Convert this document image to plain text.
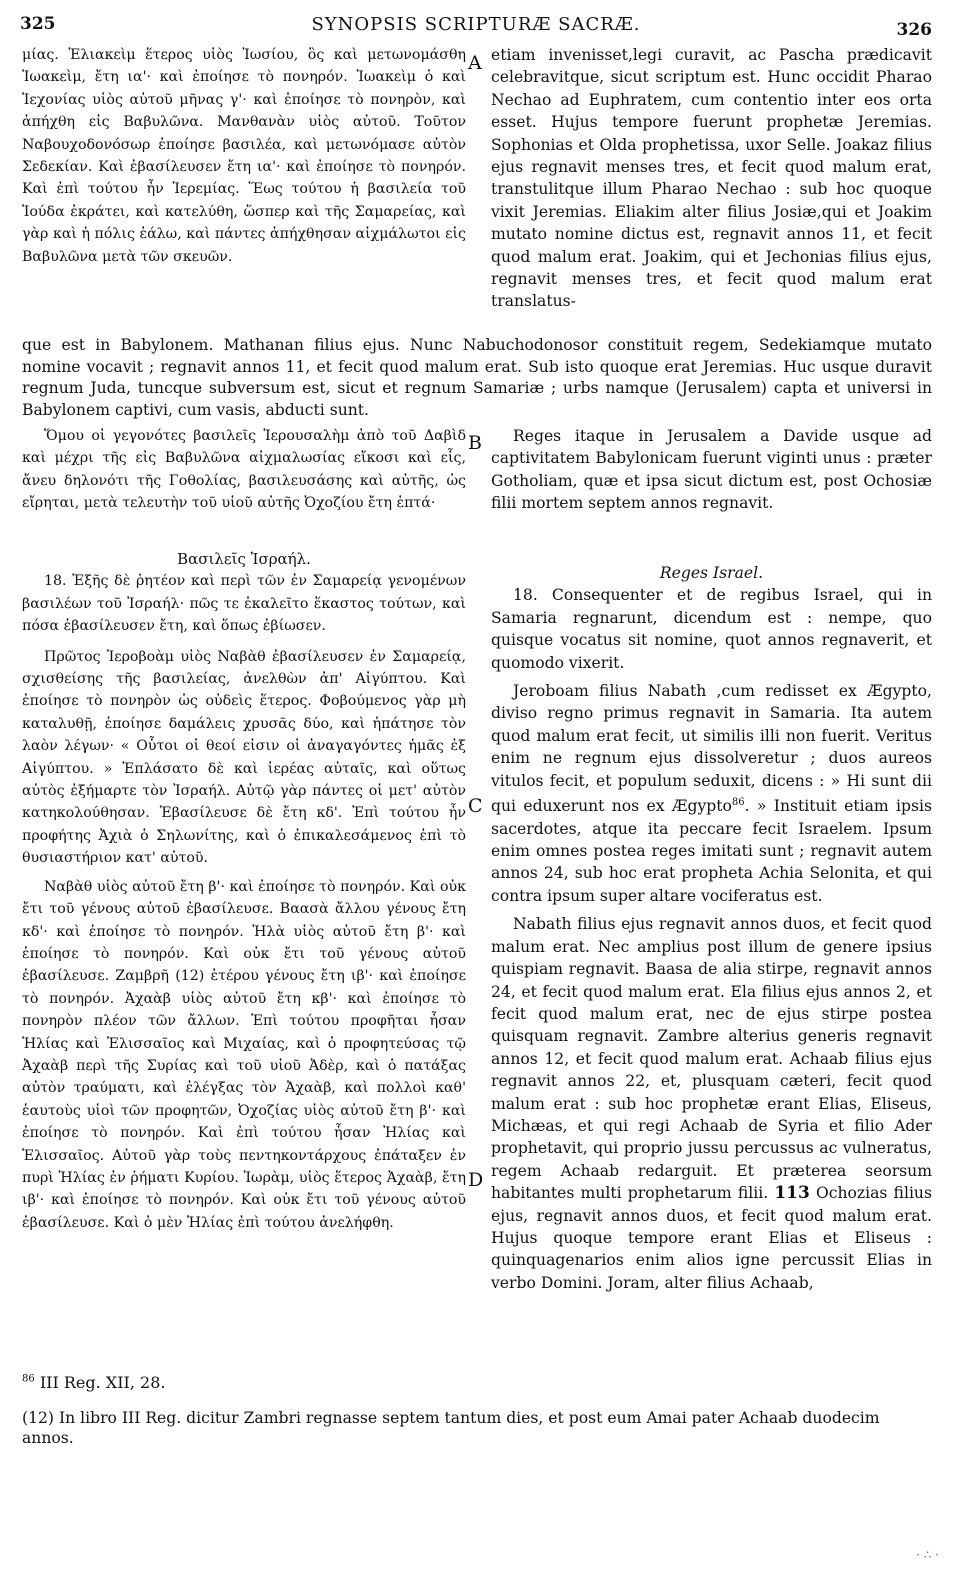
325	SYNOPSIS SCRIPTURÆ SACRÆ.	326

μίας. Ἐλιακεὶμ ἕτερος υἱὸς Ἰωσίου, ὃς καὶ μετωνομάσθη Ἰωακεὶμ, ἔτη ια'· καὶ ἐποίησε τὸ πονηρόν. Ἰωακεὶμ ὁ καὶ Ἰεχονίας υἱὸς αὐτοῦ μῆνας γ'· καὶ ἐποίησε τὸ πονηρὸν, καὶ ἀπήχθη εἰς Βαβυλῶνα. Μανθανὰν υἱὸς αὐτοῦ. Τοῦτον Ναβουχοδονόσωρ ἐποίησε βασιλέα, καὶ μετωνόμασε αὐτὸν Σεδεκίαν. Καὶ ἐβασίλευσεν ἔτη ια'· καὶ ἐποίησε τὸ πονηρόν. Καὶ ἐπὶ τούτου ἦν Ἱερεμίας. Ἕως τούτου ἡ βασιλεία τοῦ Ἰούδα ἐκράτει, καὶ κατελύθη, ὥσπερ καὶ τῆς Σαμαρείας, καὶ γὰρ καὶ ἡ πόλις ἑάλω, καὶ πάντες ἀπήχθησαν αἰχμάλωτοι εἰς Βαβυλῶνα μετὰ τῶν σκευῶν.

A etiam invenisset,legi curavit, ac Pascha prædicavit celebravitque, sicut scriptum est. Hunc occidit Pharao Nechao ad Euphratem, cum contentio inter eos orta esset. Hujus tempore fuerunt prophetæ Jeremias. Sophonias et Olda prophetissa, uxor Selle. Joakaz filius ejus regnavit menses tres, et fecit quod malum erat, transtulitque illum Pharao Nechao : sub hoc quoque vixit Jeremias. Eliakim alter filius Josiæ,qui et Joakim mutato nomine dictus est, regnavit annos 11, et fecit quod malum erat. Joakim, qui et Jechonias filius ejus, regnavit menses tres, et fecit quod malum erat translatus-

que est in Babylonem. Mathanan filius ejus. Nunc Nabuchodonosor constituit regem, Sedekiamque mutato nomine vocavit ; regnavit annos 11, et fecit quod malum erat. Sub isto quoque erat Jeremias. Huc usque duravit regnum Juda, tuncque subversum est, sicut et regnum Samariæ ; urbs namque (Jerusalem) capta et universi in Babylonem captivi, cum vasis, abducti sunt.

Ὅμου οἱ γεγονότες βασιλεῖς Ἱερουσαλὴμ ἀπὸ τοῦ Δαβὶδ καὶ μέχρι τῆς εἰς Βαβυλῶνα αἰχμαλωσίας εἴκοσι καὶ εἷς, ἄνευ δηλονότι τῆς Γοθολίας, βασιλευσάσης καὶ αὐτῆς, ὡς εἴρηται, μετὰ τελευτὴν τοῦ υἱοῦ αὐτῆς Ὀχοζίου ἔτη ἑπτά·

B	Reges itaque in Jerusalem a Davide usque ad captivitatem Babylonicam fuerunt viginti unus : præter Gotholiam, quæ et ipsa sicut dictum est, post Ochosiæ filii mortem septem annos regnavit.

Βασιλεῖς Ἰσραήλ.

18. Ἑξῆς δὲ ῥητέον καὶ περὶ τῶν ἐν Σαμαρείᾳ γενομένων βασιλέων τοῦ Ἰσραήλ· πῶς τε ἐκαλεῖτο ἕκαστος τούτων, καὶ πόσα ἐβασίλευσεν ἔτη, καὶ ὅπως ἐβίωσεν.

Πρῶτος Ἱεροβοὰμ υἱὸς Ναβὰθ ἐβασίλευσεν ἐν Σαμαρείᾳ, σχισθείσης τῆς βασιλείας, ἀνελθὼν ἀπ' Αἰγύπτου. Καὶ ἐποίησε τὸ πονηρὸν ὡς οὐδεὶς ἕτερος. Φοβούμενος γὰρ μὴ καταλυθῇ, ἐποίησε δαμάλεις χρυσᾶς δύο, καὶ ἠπάτησε τὸν λαὸν λέγων· « Οὗτοι οἱ θεοί εἰσιν οἱ ἀναγαγόντες ἡμᾶς ἐξ Αἰγύπτου. » Ἐπλάσατο δὲ καὶ ἱερέας αὐταῖς, καὶ οὕτως αὐτὸς ἐξήμαρτε τὸν Ἰσραήλ. Αὐτῷ γὰρ πάντες οἱ μετ' αὐτὸν κατηκολούθησαν. Ἐβασίλευσε δὲ ἔτη κδ'. Ἐπὶ τούτου ἦν προφήτης Ἀχιὰ ὁ Σηλωνίτης, καὶ ὁ ἐπικαλεσάμενος ἐπὶ τὸ θυσιαστήριον κατ' αὐτοῦ.

Ναβὰθ υἱὸς αὐτοῦ ἔτη β'· καὶ ἐποίησε τὸ πονηρόν. Καὶ οὐκ ἔτι τοῦ γένους αὐτοῦ ἐβασίλευσε. Βαασὰ ἄλλου γένους ἔτη κδ'· καὶ ἐποίησε τὸ πονηρόν. Ἠλὰ υἱὸς αὐτοῦ ἔτη β'· καὶ ἐποίησε τὸ πονηρόν. Καὶ οὐκ ἔτι τοῦ γένους αὐτοῦ ἐβασίλευσε. Ζαμβρῆ (12) ἑτέρου γένους ἔτη ιβ'· καὶ ἐποίησε τὸ πονηρόν. Ἀχαὰβ υἱὸς αὐτοῦ ἔτη κβ'· καὶ ἐποίησε τὸ πονηρὸν πλέον τῶν ἄλλων. Ἐπὶ τούτου προφῆται ἦσαν Ἠλίας καὶ Ἐλισσαῖος καὶ Μιχαίας, καὶ ὁ προφητεύσας τῷ Ἀχαὰβ περὶ τῆς Συρίας καὶ τοῦ υἱοῦ Ἀδὲρ, καὶ ὁ πατάξας αὐτὸν τραύματι, καὶ ἐλέγξας τὸν Ἀχαὰβ, καὶ πολλοὶ καθ' ἑαυτοὺς υἱοὶ τῶν προφητῶν, Ὀχοζίας υἱὸς αὐτοῦ ἔτη β'· καὶ ἐποίησε τὸ πονηρόν. Καὶ ἐπὶ τούτου ἦσαν Ἠλίας καὶ Ἐλισσαῖος. Αὐτοῦ γὰρ τοὺς πεντηκοντάρχους ἐπάταξεν ἐν πυρὶ Ἠλίας ἐν ῥήματι Κυρίου. Ἰωρὰμ, υἱὸς ἕτερος Ἀχαὰβ, ἔτη ιβ'· καὶ ἐποίησε τὸ πονηρόν. Καὶ οὐκ ἔτι τοῦ γένους αὐτοῦ ἐβασίλευσε. Καὶ ὁ μὲν Ἠλίας ἐπὶ τούτου ἀνελήφθη.

C
D

Reges Israel.

18. Consequenter et de regibus Israel, qui in Samaria regnarunt, dicendum est : nempe, quo quisque vocatus sit nomine, quot annos regnaverit, et quomodo vixerit.

Jeroboam filius Nabath ,cum redisset ex Ægypto, diviso regno primus regnavit in Samaria. Ita autem quod malum erat fecit, ut similis illi non fuerit. Veritus enim ne regnum ejus dissolveretur ; duos aureos vitulos fecit, et populum seduxit, dicens : » Hi sunt dii qui eduxerunt nos ex Ægypto$^{86}$. » Instituit etiam ipsis sacerdotes, atque ita peccare fecit Israelem. Ipsum enim omnes postea reges imitati sunt ; regnavit autem annos 24, sub hoc erat propheta Achia Selonita, et qui contra ipsum super altare vociferatus est.

Nabath filius ejus regnavit annos duos, et fecit quod malum erat. Nec amplius post illum de genere ipsius quispiam regnavit. Baasa de alia stirpe, regnavit annos 24, et fecit quod malum erat. Ela filius ejus annos 2, et fecit quod malum erat, nec de ejus stirpe postea quisquam regnavit. Zambre alterius generis regnavit annos 12, et fecit quod malum erat. Achaab filius ejus regnavit annos 22, et, plusquam cæteri, fecit quod malum erat : sub hoc prophetæ erant Elias, Eliseus, Michæas, et qui regi Achaab de Syria et filio Ader prophetavit, qui proprio jussu percussus ac vulneratus, regem Achaab redarguit. Et præterea seorsum habitantes multi prophetarum filii. 113 Ochozias filius ejus, regnavit annos duos, et fecit quod malum erat. Hujus quoque tempore erant Elias et Eliseus : quinquagenarios enim alios igne percussit Elias in verbo Domini. Joram, alter filius Achaab,

$^{86}$ III Reg. XII, 28.
(12) In libro III Reg. dicitur Zambri regnasse septem tantum dies, et post eum Amai pater Achaab duodecim annos.
· ∴ ·
